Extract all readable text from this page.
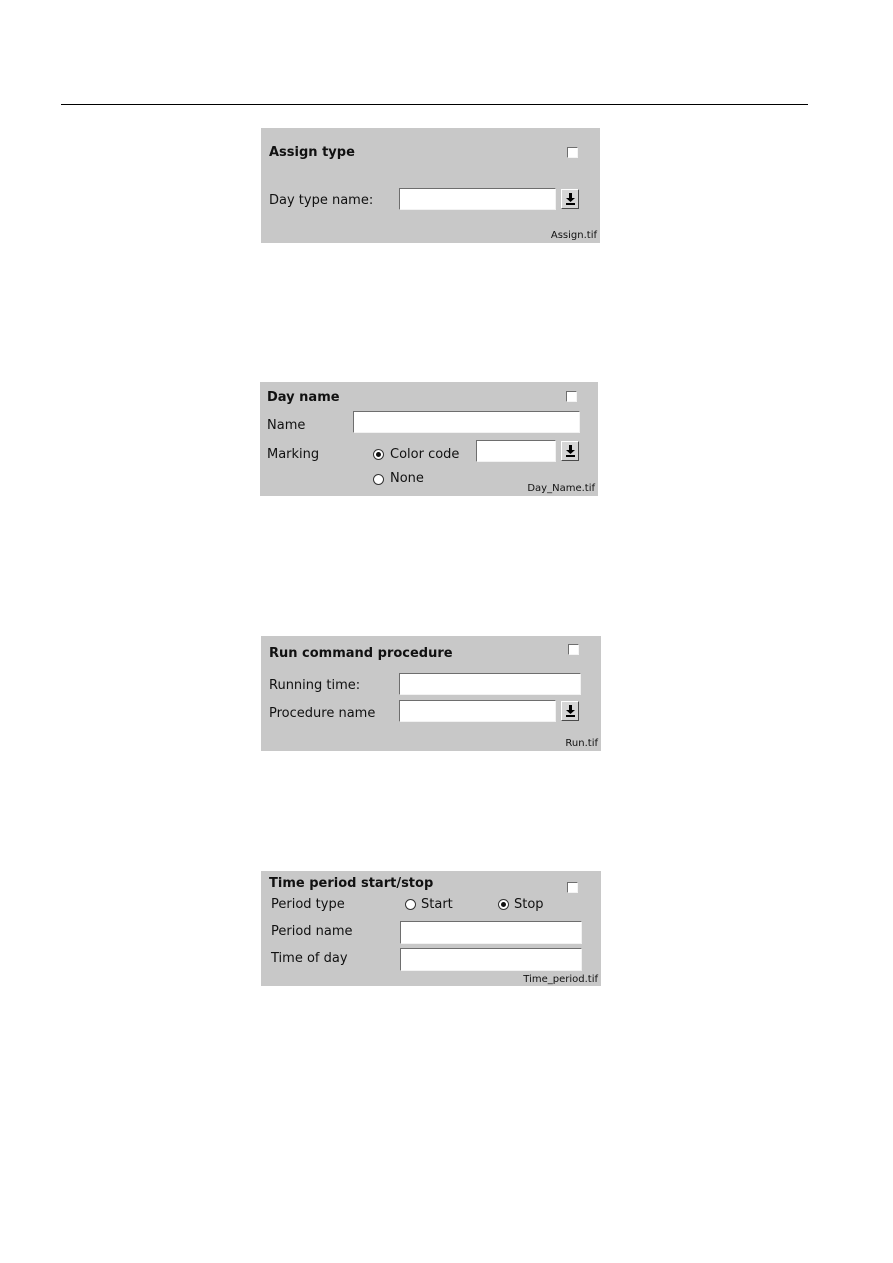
Assign type
Day type name:
Assign.tif
Day name
Name
Marking	Color code
None
Day_Name.tif
Run command procedure
Running time:
Procedure name
Run.tif
Time period start/stop
Period type	Start	Stop
Period name
Time of day
Time_period.tif
